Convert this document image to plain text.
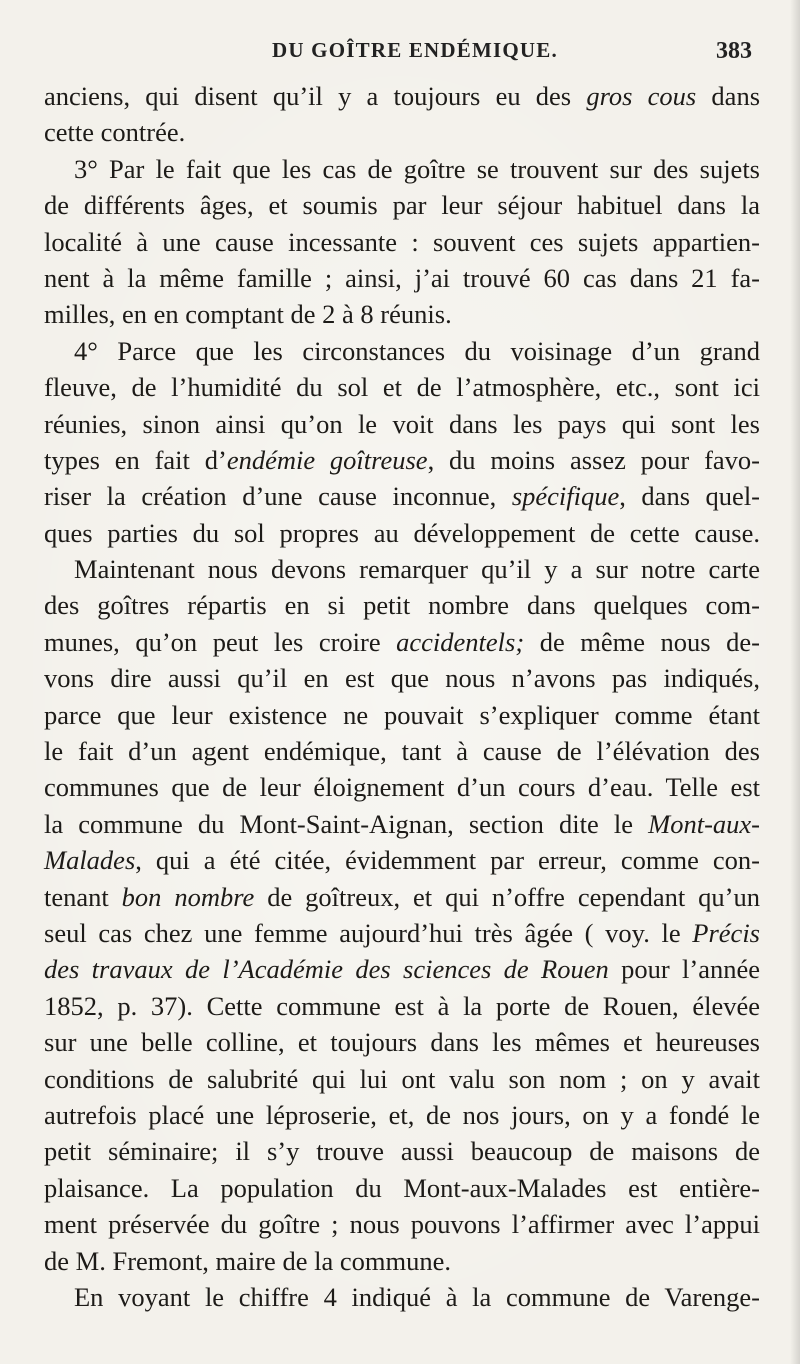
DU GOÎTRE ENDÉMIQUE.	383
anciens, qui disent qu’il y a toujours eu des gros cous dans
cette contrée.
3° Par le fait que les cas de goître se trouvent sur des sujets
de différents âges, et soumis par leur séjour habituel dans la
localité à une cause incessante : souvent ces sujets appartien-
nent à la même famille ; ainsi, j’ai trouvé 60 cas dans 21 fa-
milles, en en comptant de 2 à 8 réunis.
4° Parce que les circonstances du voisinage d’un grand
fleuve, de l’humidité du sol et de l’atmosphère, etc., sont ici
réunies, sinon ainsi qu’on le voit dans les pays qui sont les
types en fait d’endémie goîtreuse, du moins assez pour favo-
riser la création d’une cause inconnue, spécifique, dans quel-
ques parties du sol propres au développement de cette cause.
Maintenant nous devons remarquer qu’il y a sur notre carte
des goîtres répartis en si petit nombre dans quelques com-
munes, qu’on peut les croire accidentels; de même nous de-
vons dire aussi qu’il en est que nous n’avons pas indiqués,
parce que leur existence ne pouvait s’expliquer comme étant
le fait d’un agent endémique, tant à cause de l’élévation des
communes que de leur éloignement d’un cours d’eau. Telle est
la commune du Mont-Saint-Aignan, section dite le Mont-aux-
Malades, qui a été citée, évidemment par erreur, comme con-
tenant bon nombre de goîtreux, et qui n’offre cependant qu’un
seul cas chez une femme aujourd’hui très âgée ( voy. le Précis
des travaux de l’Académie des sciences de Rouen pour l’année
1852, p. 37). Cette commune est à la porte de Rouen, élevée
sur une belle colline, et toujours dans les mêmes et heureuses
conditions de salubrité qui lui ont valu son nom ; on y avait
autrefois placé une léproserie, et, de nos jours, on y a fondé le
petit séminaire; il s’y trouve aussi beaucoup de maisons de
plaisance. La population du Mont-aux-Malades est entière-
ment préservée du goître ; nous pouvons l’affirmer avec l’appui
de M. Fremont, maire de la commune.
En voyant le chiffre 4 indiqué à la commune de Varenge-
